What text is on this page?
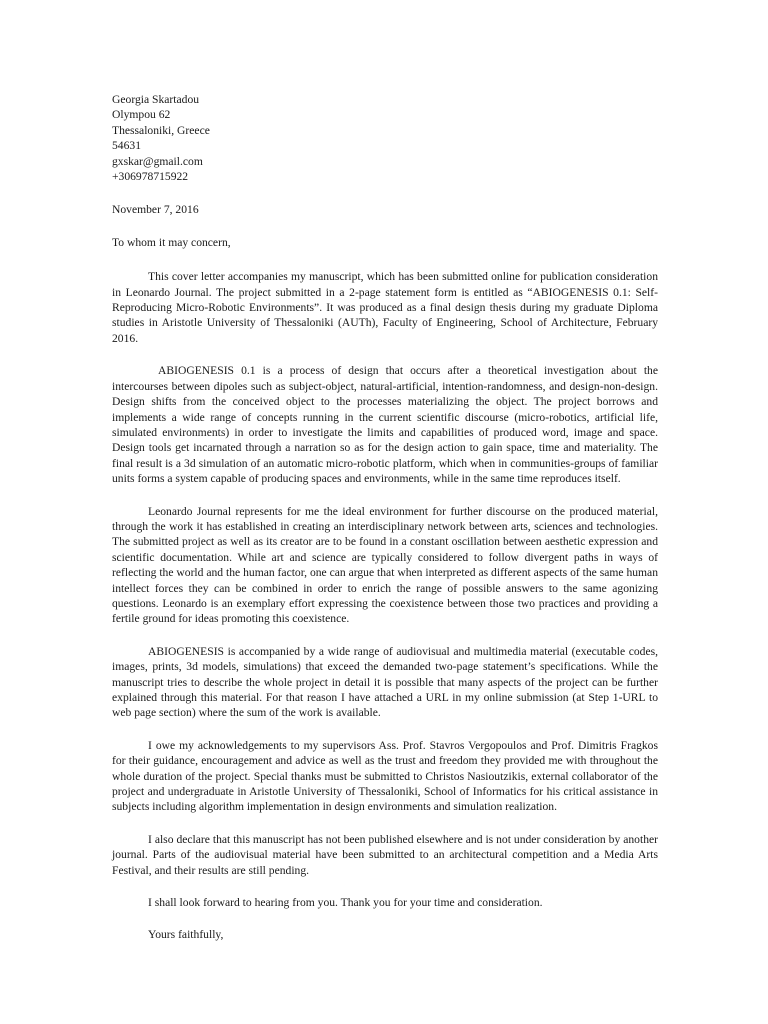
Georgia Skartadou
Olympou 62
Thessaloniki, Greece
54631
gxskar@gmail.com
+306978715922
November 7, 2016
To whom it may concern,

This cover letter accompanies my manuscript, which has been submitted online for publication consideration in Leonardo Journal. The project submitted in a 2-page statement form is entitled as “ABIOGENESIS 0.1: Self-Reproducing Micro-Robotic Environments”. It was produced as a final design thesis during my graduate Diploma studies in Aristotle University of Thessaloniki (AUTh), Faculty of Engineering, School of Architecture, February 2016.

ABIOGENESIS 0.1 is a process of design that occurs after a theoretical investigation about the intercourses between dipoles such as subject-object, natural-artificial, intention-randomness, and design-non-design. Design shifts from the conceived object to the processes materializing the object. The project borrows and implements a wide range of concepts running in the current scientific discourse (micro-robotics, artificial life, simulated environments) in order to investigate the limits and capabilities of produced word, image and space. Design tools get incarnated through a narration so as for the design action to gain space, time and materiality. The final result is a 3d simulation of an automatic micro-robotic platform, which when in communities-groups of familiar units forms a system capable of producing spaces and environments, while in the same time reproduces itself.

Leonardo Journal represents for me the ideal environment for further discourse on the produced material, through the work it has established in creating an interdisciplinary network between arts, sciences and technologies. The submitted project as well as its creator are to be found in a constant oscillation between aesthetic expression and scientific documentation. While art and science are typically considered to follow divergent paths in ways of reflecting the world and the human factor, one can argue that when interpreted as different aspects of the same human intellect forces they can be combined in order to enrich the range of possible answers to the same agonizing questions. Leonardo is an exemplary effort expressing the coexistence between those two practices and providing a fertile ground for ideas promoting this coexistence.

ABIOGENESIS is accompanied by a wide range of audiovisual and multimedia material (executable codes, images, prints, 3d models, simulations) that exceed the demanded two-page statement’s specifications. While the manuscript tries to describe the whole project in detail it is possible that many aspects of the project can be further explained through this material. For that reason I have attached a URL in my online submission (at Step 1-URL to web page section) where the sum of the work is available.

I owe my acknowledgements to my supervisors Ass. Prof. Stavros Vergopoulos and Prof. Dimitris Fragkos for their guidance, encouragement and advice as well as the trust and freedom they provided me with throughout the whole duration of the project. Special thanks must be submitted to Christos Nasioutzikis, external collaborator of the project and undergraduate in Aristotle University of Thessaloniki, School of Informatics for his critical assistance in subjects including algorithm implementation in design environments and simulation realization.

I also declare that this manuscript has not been published elsewhere and is not under consideration by another journal. Parts of the audiovisual material have been submitted to an architectural competition and a Media Arts Festival, and their results are still pending.

I shall look forward to hearing from you. Thank you for your time and consideration.

Yours faithfully,
